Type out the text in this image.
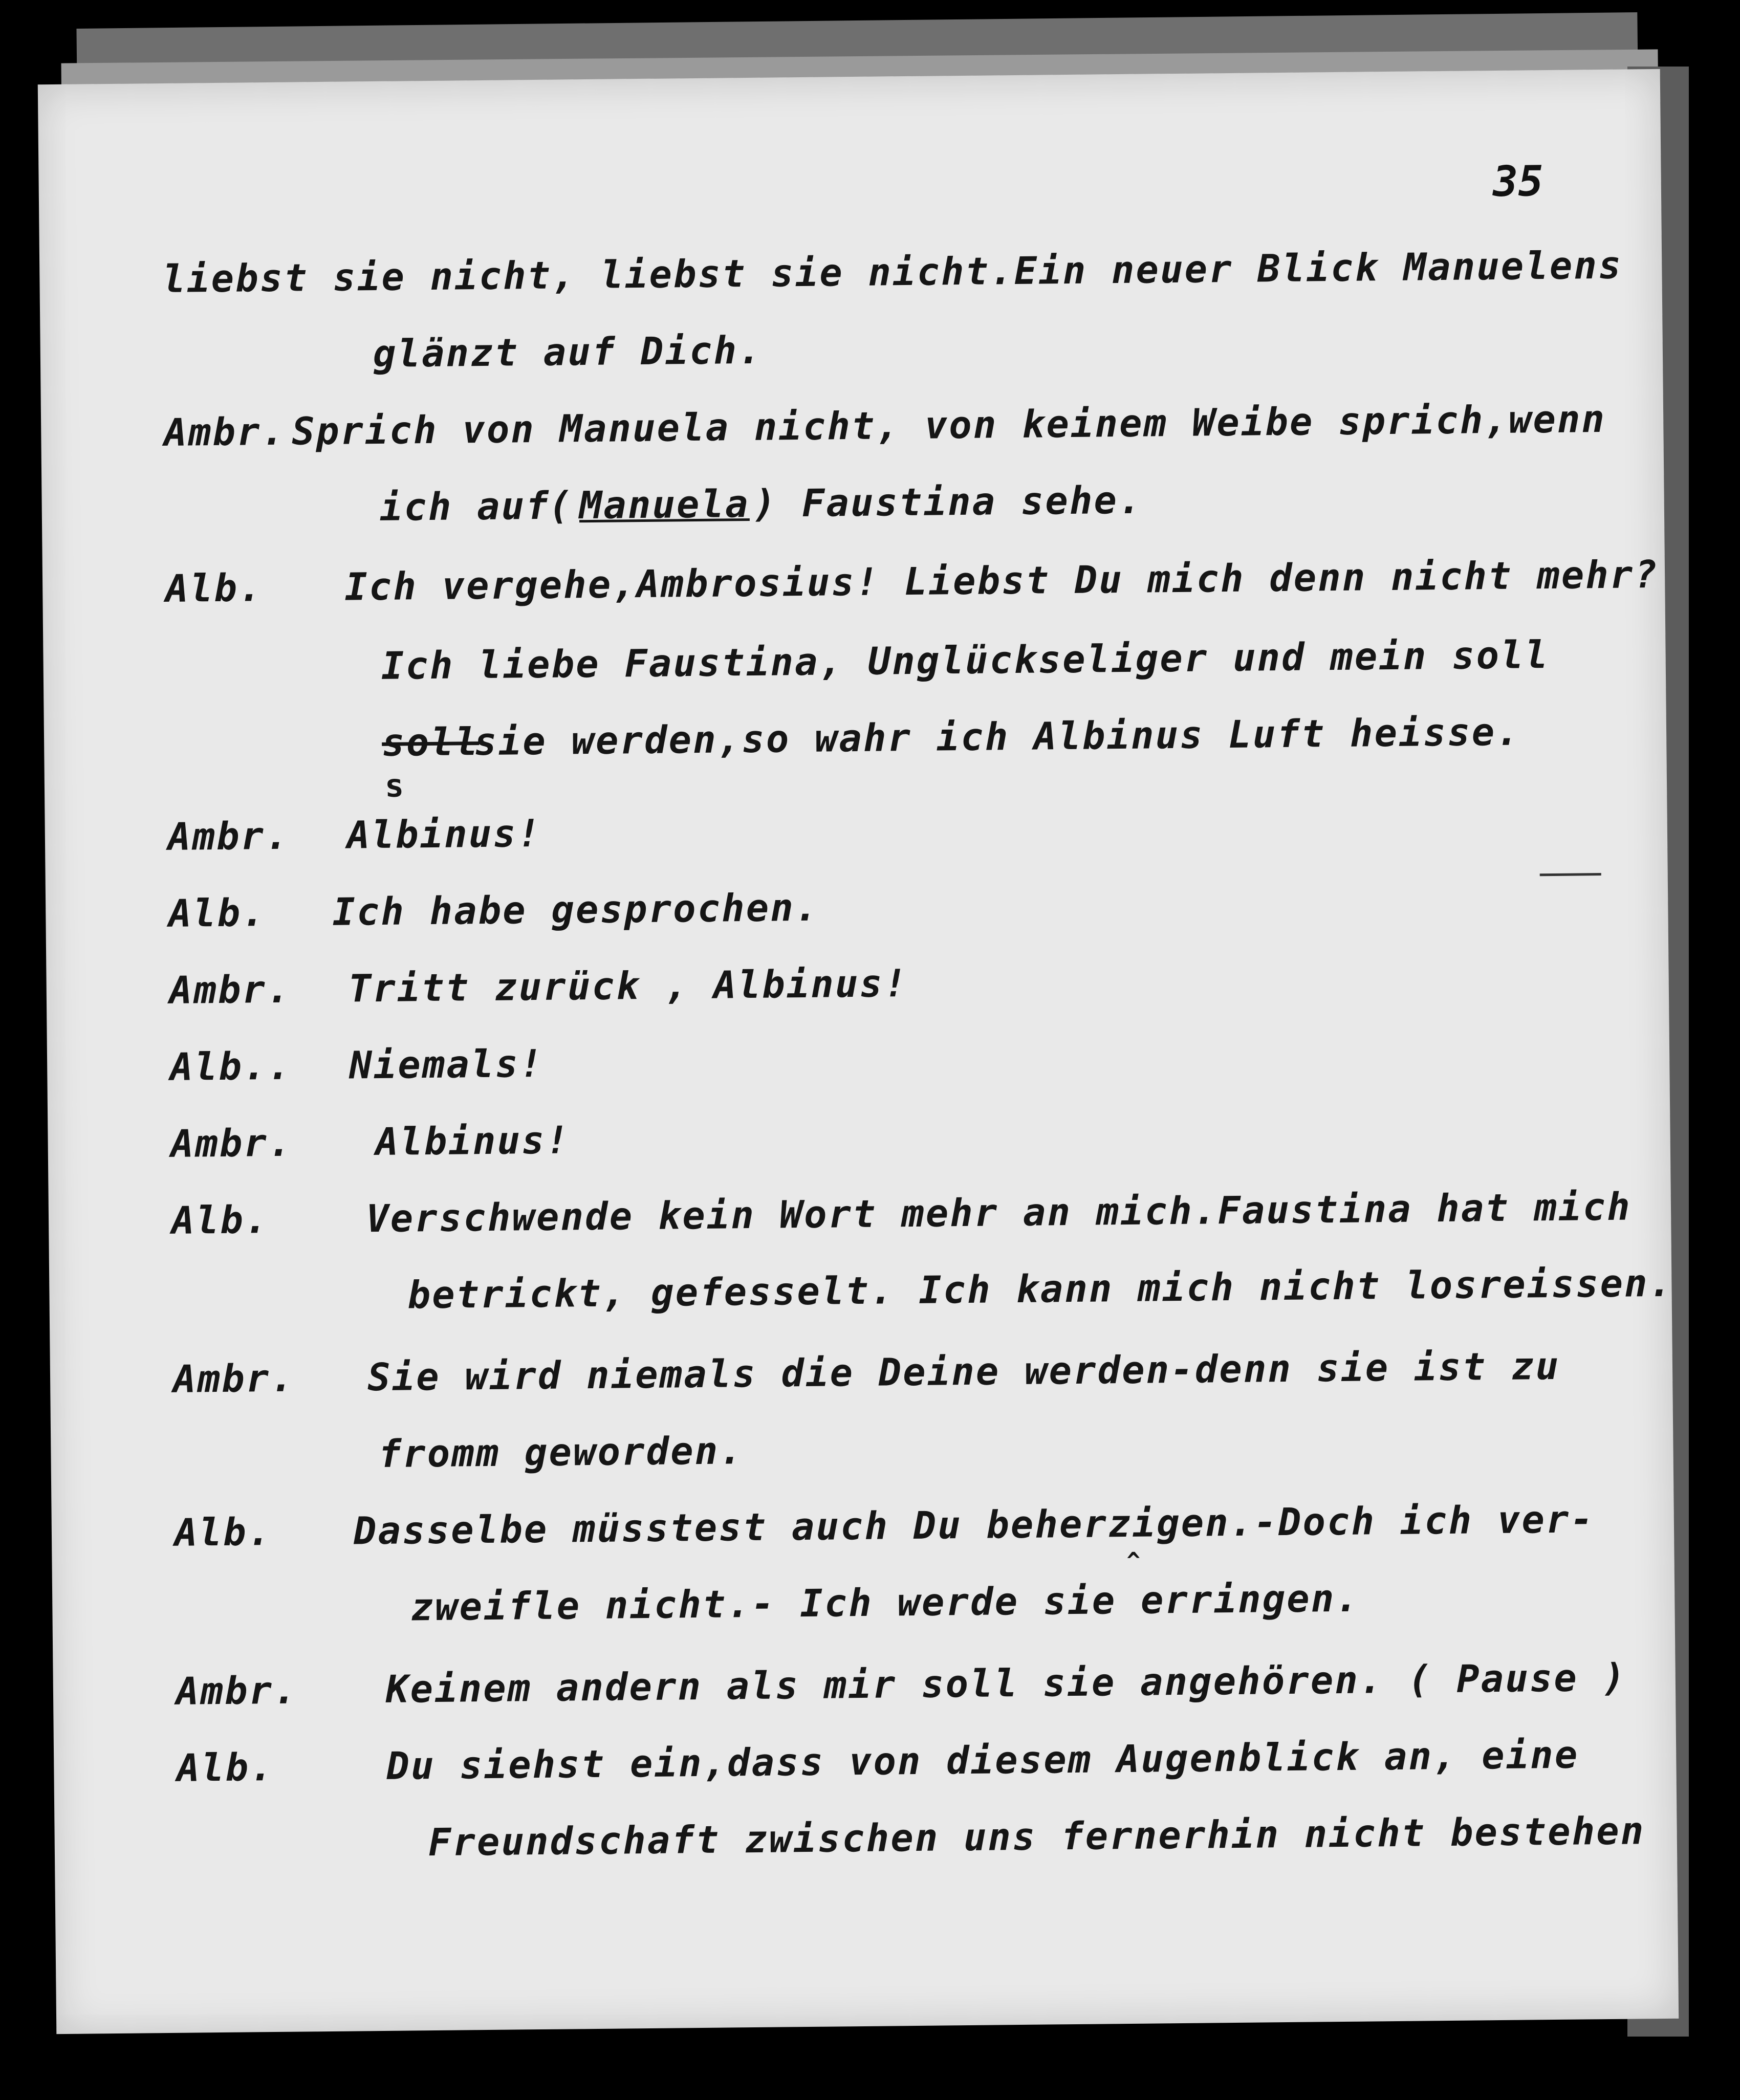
35
liebst sie nicht, liebst sie nicht.Ein neuer Blick Manuelens
glänzt auf Dich.
Ambr. Sprich von Manuela nicht, von keinem Weibe sprich,wenn
ich auf
( Manuela ) Faustina sehe.
Alb. Ich vergehe,Ambrosius! Liebst Du mich denn nicht mehr?
Ich liebe Faustina, Unglückseliger und mein soll
soll
sie werden,so wahr ich Albinus Luft heisse.
s
Ambr. Albinus!
Alb. Ich habe gesprochen.
Ambr. Tritt zurück , Albinus!
Alb.. Niemals!
Ambr. Albinus!
Alb.	Verschwende kein Wort mehr an mich.Faustina hat mich
betrickt, gefesselt. Ich kann mich nicht losreissen.
Ambr. Sie wird niemals die Deine werden-denn sie ist zu
fromm geworden.
Alb. Dasselbe müsstest auch Du beherzigen.-Doch ich ver-
^
zweifle nicht.- Ich werde sie erringen.
Ambr. Keinem andern als mir soll sie angehören. ( Pause )
Alb.	Du siehst ein,dass von diesem Augenblick an, eine
Freundschaft zwischen uns fernerhin nicht bestehen
